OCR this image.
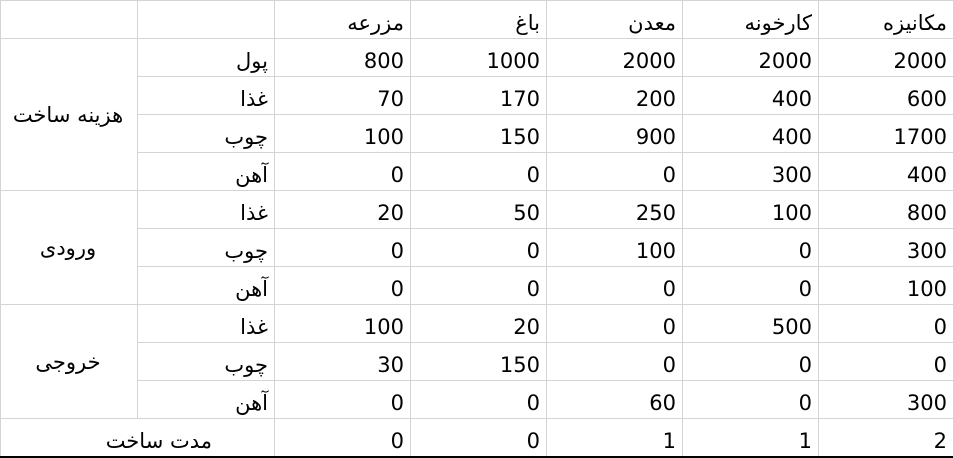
		مزرعه	باغ	معدن	کارخونه	مکانیزه
هزینه ساخت	پول	800	1000	2000	2000	2000
	غذا	70	170	200	400	600
	چوب	100	150	900	400	1700
	آهن	0	0	0	300	400
ورودی	غذا	20	50	250	100	800
	چوب	0	0	100	0	300
	آهن	0	0	0	0	100
خروجی	غذا	100	20	0	500	0
	چوب	30	150	0	0	0
	آهن	0	0	60	0	300
مدت ساخت		0	0	1	1	2
